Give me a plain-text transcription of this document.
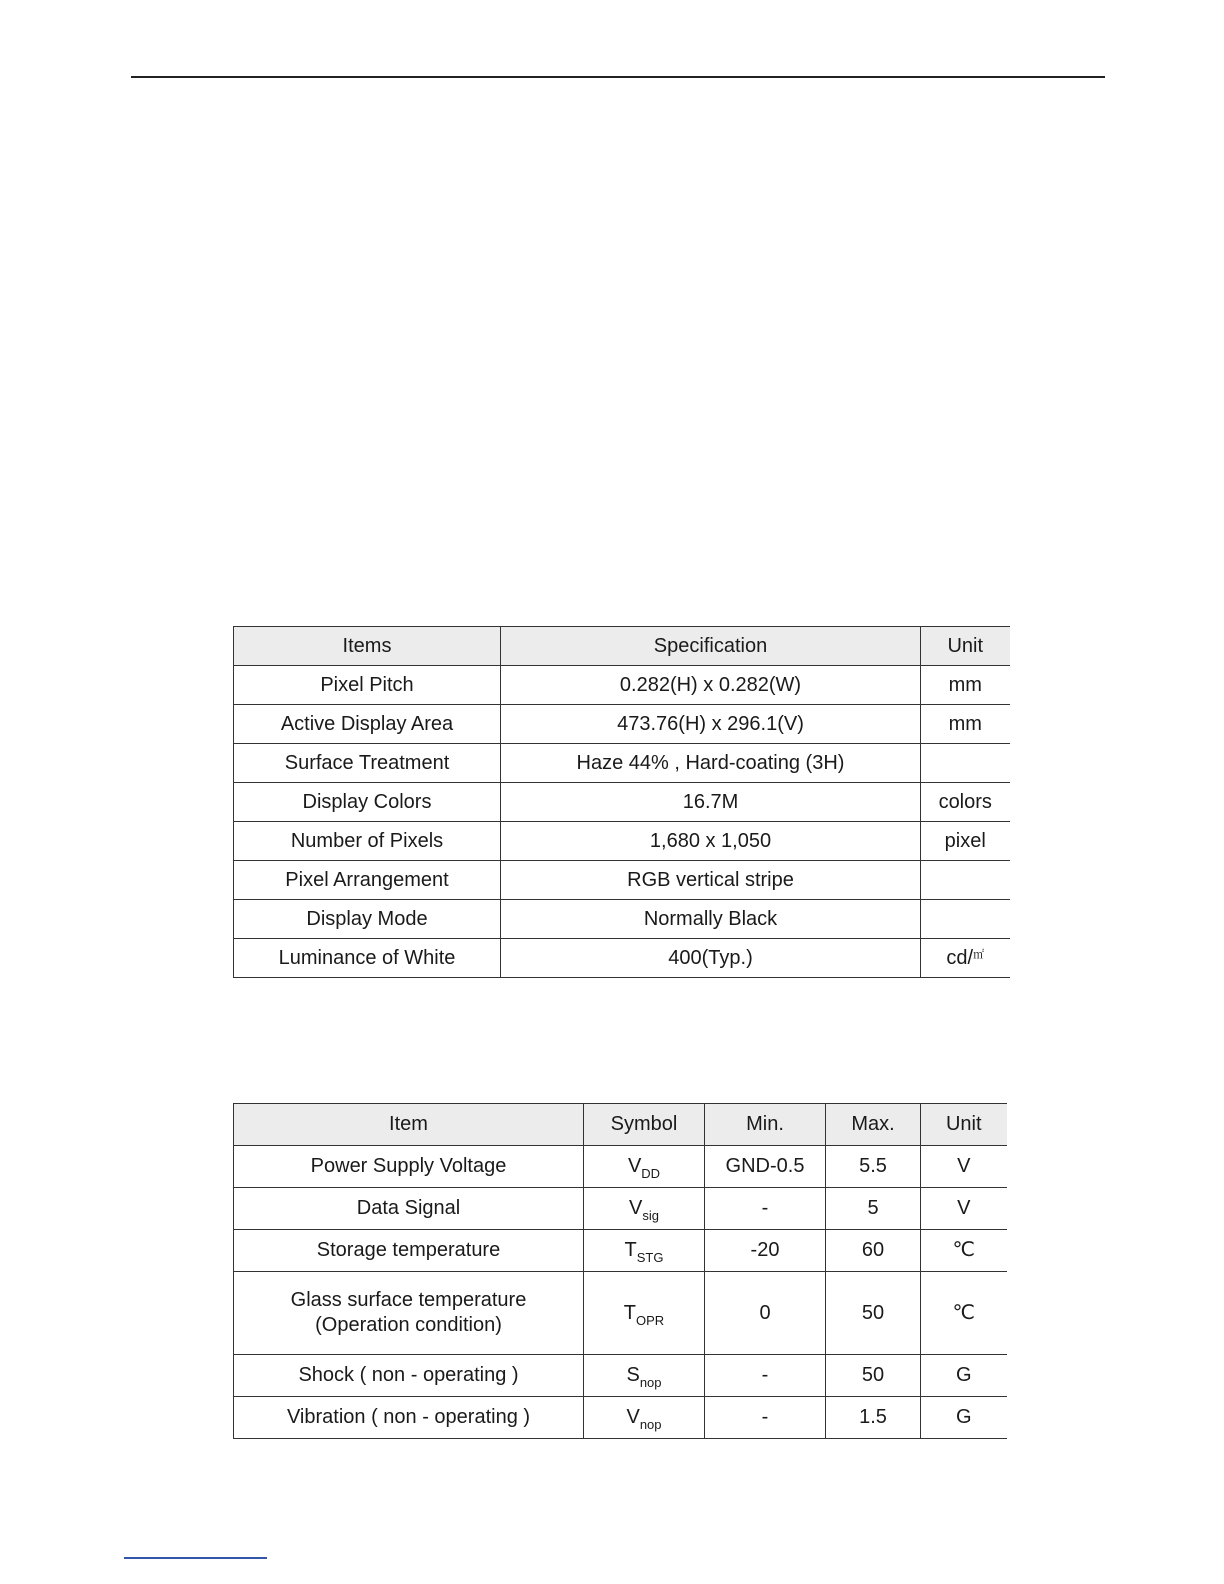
Items	Specification	Unit
Pixel Pitch	0.282(H) x 0.282(W)	mm
Active Display Area	473.76(H) x 296.1(V)	mm
Surface Treatment	Haze 44% , Hard-coating (3H)	
Display Colors	16.7M	colors
Number of Pixels	1,680 x 1,050	pixel
Pixel Arrangement	RGB vertical stripe	
Display Mode	Normally Black	
Luminance of White	400(Typ.)	cd/㎡
Item	Symbol	Min.	Max.	Unit
Power Supply Voltage	$V_{DD}$	GND-0.5	5.5	V
Data Signal	$V_{sig}$	-	5	V
Storage temperature	$T_{STG}$	-20	60	℃

Glass surface temperature
(Operation condition)	$T_{OPR}$	0	50	℃
Shock ( non - operating )	$S_{nop}$	-	50	G
Vibration ( non - operating )	$V_{nop}$	-	1.5	G
